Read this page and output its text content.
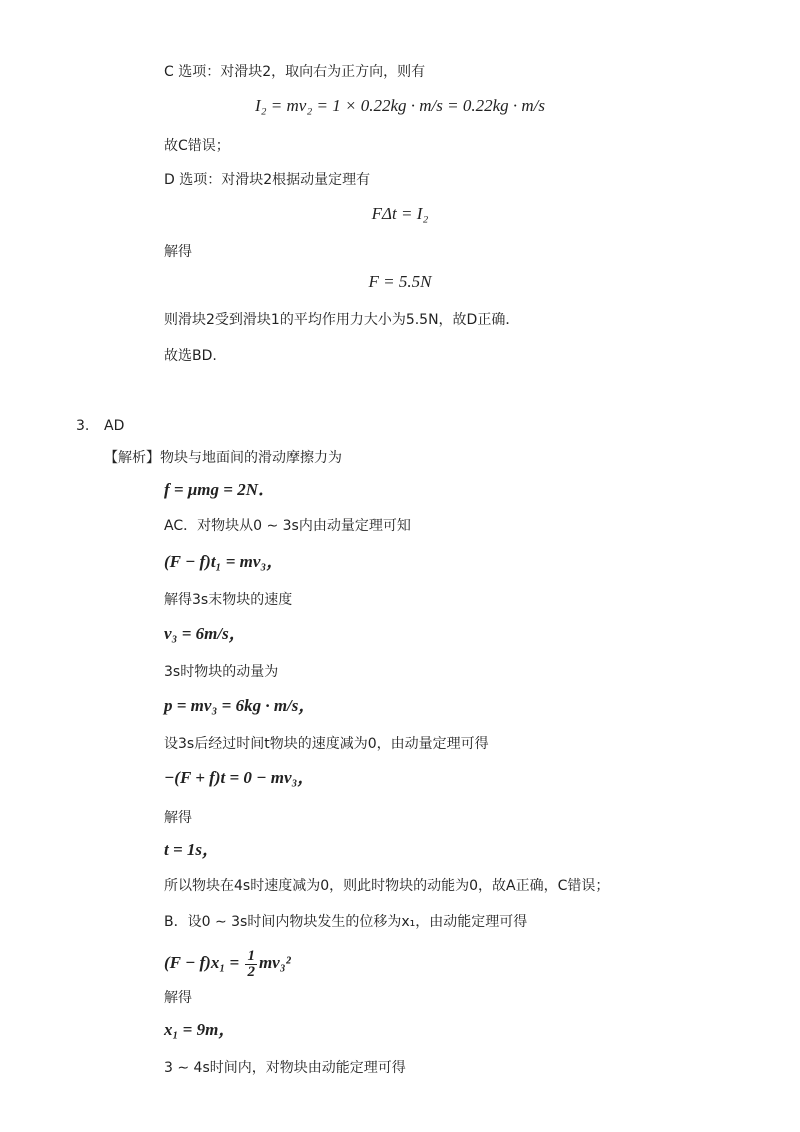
C 选项：对滑块2，取向右为正方向，则有
I₂ = mv₂ = 1 × 0.22kg · m/s = 0.22kg · m/s
故C错误；
D 选项：对滑块2根据动量定理有
FΔt = I₂
解得
F = 5.5N
则滑块2受到滑块1的平均作用力大小为5.5N，故D正确．
故选BD.
3. AD
【解析】物块与地面间的滑动摩擦力为
f = μmg = 2N．
AC．对物块从0 ∼ 3s内由动量定理可知
(F − f)t₁ = mv₃，
解得3s末物块的速度
v₃ = 6m/s，
3s时物块的动量为
p = mv₃ = 6kg · m/s，
设3s后经过时间t物块的速度减为0，由动量定理可得
−(F + f)t = 0 − mv₃，
解得
t = 1s，
所以物块在4s时速度减为0，则此时物块的动能为0，故A正确，C错误；
B．设0 ∼ 3s时间内物块发生的位移为x₁，由动能定理可得
$(F - f)x_1 = \frac{1}{2} mv_3^2$
解得
x₁ = 9m，
3 ∼ 4s时间内，对物块由动能定理可得
